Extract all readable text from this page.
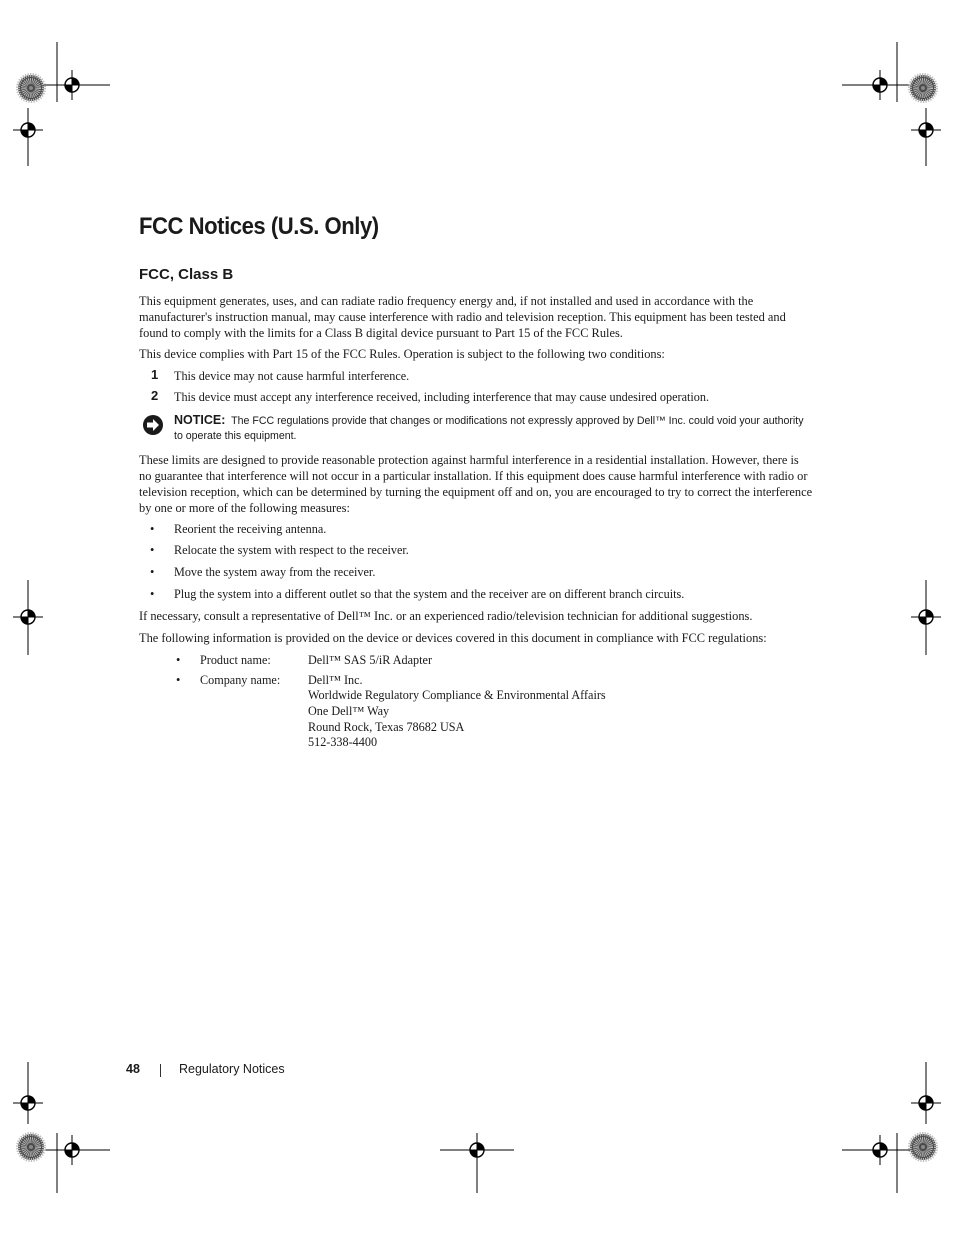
FCC Notices (U.S. Only)
FCC, Class B

This equipment generates, uses, and can radiate radio frequency energy and, if not installed and used in accordance with the manufacturer's instruction manual, may cause interference with radio and television reception. This equipment has been tested and found to comply with the limits for a Class B digital device pursuant to Part 15 of the FCC Rules.

This device complies with Part 15 of the FCC Rules. Operation is subject to the following two conditions:

1 This device may not cause harmful interference.
2 This device must accept any interference received, including interference that may cause undesired operation.

NOTICE: The FCC regulations provide that changes or modifications not expressly approved by Dell™ Inc. could void your authority to operate this equipment.

These limits are designed to provide reasonable protection against harmful interference in a residential installation. However, there is no guarantee that interference will not occur in a particular installation. If this equipment does cause harmful interference with radio or television reception, which can be determined by turning the equipment off and on, you are encouraged to try to correct the interference by one or more of the following measures:

• Reorient the receiving antenna.
• Relocate the system with respect to the receiver.
• Move the system away from the receiver.
• Plug the system into a different outlet so that the system and the receiver are on different branch circuits.

If necessary, consult a representative of Dell™ Inc. or an experienced radio/television technician for additional suggestions.

The following information is provided on the device or devices covered in this document in compliance with FCC regulations:

• Product name:	Dell™ SAS 5/iR Adapter
• Company name: Dell™ Inc.
Worldwide Regulatory Compliance & Environmental Affairs
One Dell™ Way
Round Rock, Texas 78682 USA
512-338-4400
48	Regulatory Notices
